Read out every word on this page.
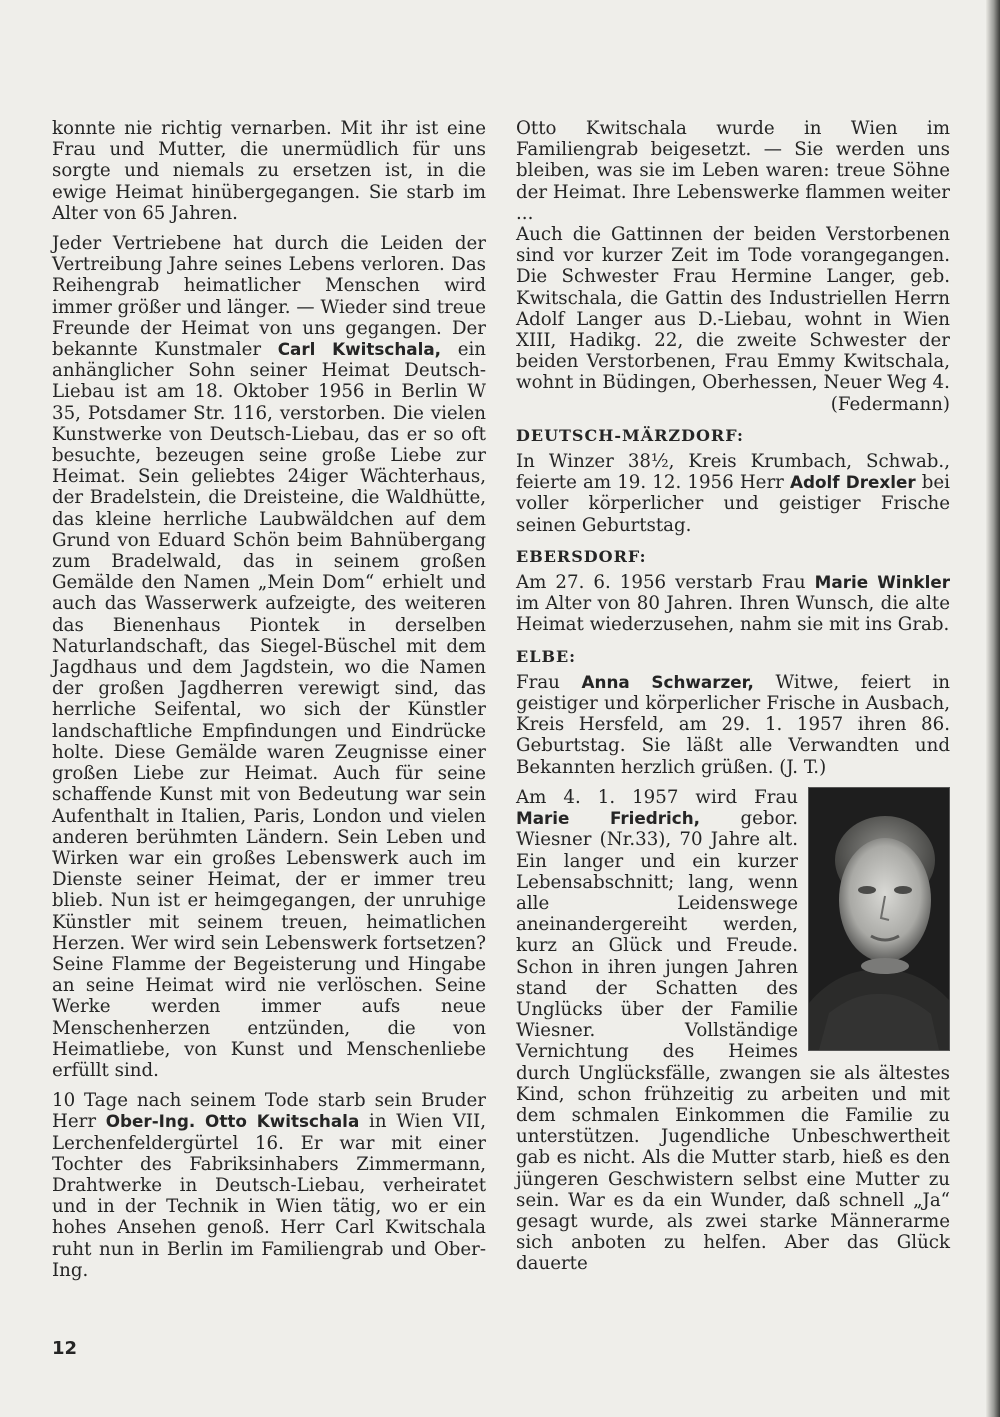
konnte nie richtig vernarben. Mit ihr ist eine Frau und Mutter, die unermüdlich für uns sorgte und niemals zu ersetzen ist, in die ewige Heimat hinübergegangen. Sie starb im Alter von 65 Jahren.

Jeder Vertriebene hat durch die Leiden der Vertreibung Jahre seines Lebens verloren. Das Reihengrab heimatlicher Menschen wird immer größer und länger. — Wieder sind treue Freunde der Heimat von uns gegangen. Der bekannte Kunstmaler Carl Kwitschala, ein anhänglicher Sohn seiner Heimat Deutsch-Liebau ist am 18. Oktober 1956 in Berlin W 35, Potsdamer Str. 116, verstorben. Die vielen Kunstwerke von Deutsch-Liebau, das er so oft besuchte, bezeugen seine große Liebe zur Heimat. Sein geliebtes 24iger Wächterhaus, der Bradelstein, die Dreisteine, die Waldhütte, das kleine herrliche Laubwäldchen auf dem Grund von Eduard Schön beim Bahnübergang zum Bradelwald, das in seinem großen Gemälde den Namen „Mein Dom“ erhielt und auch das Wasserwerk aufzeigte, des weiteren das Bienenhaus Piontek in derselben Naturlandschaft, das Siegel-Büschel mit dem Jagdhaus und dem Jagdstein, wo die Namen der großen Jagdherren verewigt sind, das herrliche Seifental, wo sich der Künstler landschaftliche Empfindungen und Eindrücke holte. Diese Gemälde waren Zeugnisse einer großen Liebe zur Heimat. Auch für seine schaffende Kunst mit von Bedeutung war sein Aufenthalt in Italien, Paris, London und vielen anderen berühmten Ländern. Sein Leben und Wirken war ein großes Lebenswerk auch im Dienste seiner Heimat, der er immer treu blieb. Nun ist er heimgegangen, der unruhige Künstler mit seinem treuen, heimatlichen Herzen. Wer wird sein Lebenswerk fortsetzen? Seine Flamme der Begeisterung und Hingabe an seine Heimat wird nie verlöschen. Seine Werke werden immer aufs neue Menschenherzen entzünden, die von Heimatliebe, von Kunst und Menschenliebe erfüllt sind.

10 Tage nach seinem Tode starb sein Bruder Herr Ober-Ing. Otto Kwitschala in Wien VII, Lerchenfeldergürtel 16. Er war mit einer Tochter des Fabriksinhabers Zimmermann, Drahtwerke in Deutsch-Liebau, verheiratet und in der Technik in Wien tätig, wo er ein hohes Ansehen genoß. Herr Carl Kwitschala ruht nun in Berlin im Familiengrab und Ober-Ing.

Otto Kwitschala wurde in Wien im Familiengrab beigesetzt. — Sie werden uns bleiben, was sie im Leben waren: treue Söhne der Heimat. Ihre Lebenswerke flammen weiter ...

Auch die Gattinnen der beiden Verstorbenen sind vor kurzer Zeit im Tode vorangegangen. Die Schwester Frau Hermine Langer, geb. Kwitschala, die Gattin des Industriellen Herrn Adolf Langer aus D.-Liebau, wohnt in Wien XIII, Hadikg. 22, die zweite Schwester der beiden Verstorbenen, Frau Emmy Kwitschala, wohnt in Büdingen, Oberhessen, Neuer Weg 4.

(Federmann)

DEUTSCH-MÄRZDORF:

In Winzer 38½, Kreis Krumbach, Schwab., feierte am 19. 12. 1956 Herr Adolf Drexler bei voller körperlicher und geistiger Frische seinen Geburtstag.

EBERSDORF:

Am 27. 6. 1956 verstarb Frau Marie Winkler im Alter von 80 Jahren. Ihren Wunsch, die alte Heimat wiederzusehen, nahm sie mit ins Grab.

ELBE:

Frau Anna Schwarzer, Witwe, feiert in geistiger und körperlicher Frische in Ausbach, Kreis Hersfeld, am 29. 1. 1957 ihren 86. Geburtstag. Sie läßt alle Verwandten und Bekannten herzlich grüßen. (J. T.)

Am 4. 1. 1957 wird Frau Marie Friedrich, gebor. Wiesner (Nr.33), 70 Jahre alt. Ein langer und ein kurzer Lebensabschnitt; lang, wenn alle Leidenswege aneinandergereiht werden, kurz an Glück und Freude. Schon in ihren jungen Jahren stand der Schatten des Unglücks über der Familie Wiesner. Vollständige Vernichtung des Heimes durch Unglücksfälle, zwangen sie als ältestes Kind, schon frühzeitig zu arbeiten und mit dem schmalen Einkommen die Familie zu unterstützen. Jugendliche Unbeschwertheit gab es nicht. Als die Mutter starb, hieß es den jüngeren Geschwistern selbst eine Mutter zu sein. War es da ein Wunder, daß schnell „Ja“ gesagt wurde, als zwei starke Männerarme sich anboten zu helfen. Aber das Glück dauerte

12
